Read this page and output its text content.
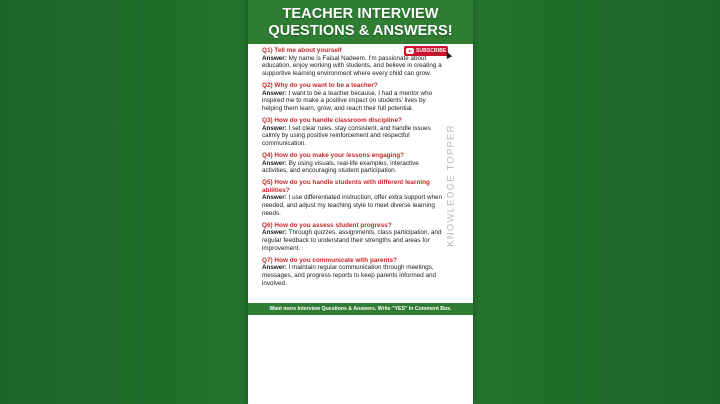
TEACHER INTERVIEW
QUESTIONS & ANSWERS!
SUBSCRIBE
Q1) Tell me about yourself
Answer: My name is Faisal Nadeem. I'm passionate about education, enjoy working with students, and believe in creating a supportive learning environment where every child can grow.
Q2) Why do you want to be a teacher?
Answer: I want to be a teacher because, I had a mentor who inspired me to make a positive impact on students' lives by helping them learn, grow, and reach their full potential.
Q3) How do you handle classroom discipline?
Answer: I set clear rules, stay consistent, and handle issues calmly by using positive reinforcement and respectful communication.
Q4) How do you make your lessons engaging?
Answer: By using visuals, real-life examples, interactive activities, and encouraging student participation.
Q5) How do you handle students with different learning abilities?
Answer: I use differentiated instruction, offer extra support when needed, and adjust my teaching style to meet diverse learning needs.
Q6) How do you assess student progress?
Answer: Through quizzes, assignments, class participation, and regular feedback to understand their strengths and areas for improvement.
Q7) How do you communicate with parents?
Answer: I maintain regular communication through meetings, messages, and progress reports to keep parents informed and involved.
KNOWLEDGE TOPPER
Want more Interview Questions & Answers. Write "YES" In Comment Box.
